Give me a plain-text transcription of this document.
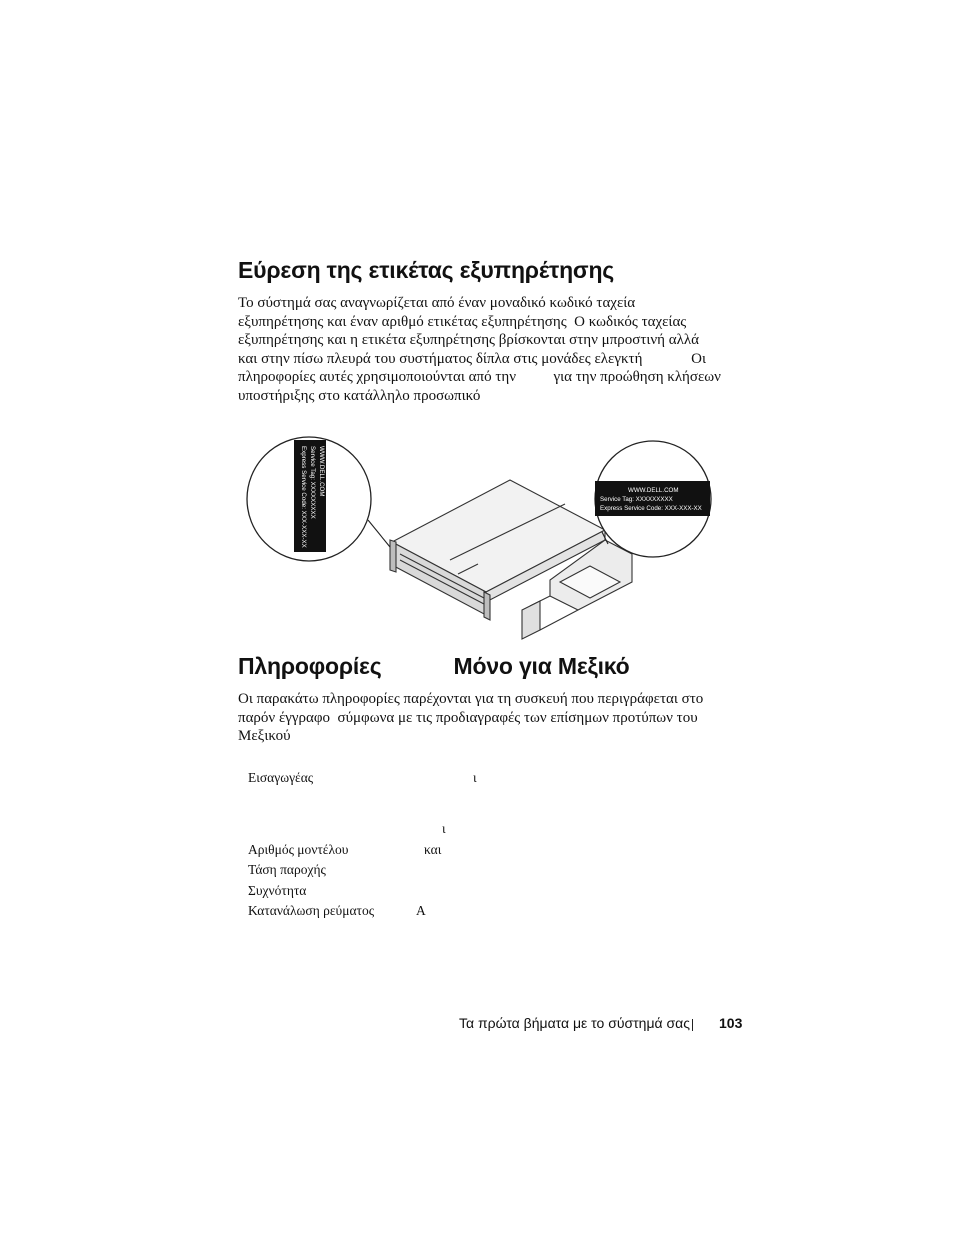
Εύρεση της ετικέτας εξυπηρέτησης
Το σύστημά σας αναγνωρίζεται από έναν μοναδικό κωδικό ταχεία
εξυπηρέτησης και έναν αριθμό ετικέτας εξυπηρέτησης  Ο κωδικός ταχείας
εξυπηρέτησης και η ετικέτα εξυπηρέτησης βρίσκονται στην μπροστινή αλλά
και στην πίσω πλευρά του συστήματος δίπλα στις μονάδες ελεγκτή             Οι
πληροφορίες αυτές χρησιμοποιούνται από την          για την προώθηση κλήσεων
υποστήριξης στο κατάλληλο προσωπικό
WWW.DELL.COM
Service Tag: XXXXXXXXX
Express Service Code: XXX-XXX-XX	WWW.DELL.COM
Service Tag: XXXXXXXXX
Express Service Code: XXX-XXX-XX
Πληροφορίες	Μόνο για Μεξικό
Οι παρακάτω πληροφορίες παρέχονται για τη συσκευή που περιγράφεται στο
παρόν έγγραφο  σύμφωνα με τις προδιαγραφές των επίσημων προτύπων του
Μεξικού
Εισαγωγέας	ι
ι
Αριθμός μοντέλου	και
Τάση παροχής
Συχνότητα
Κατανάλωση ρεύματος	A
Τα πρώτα βήματα με το σύστημά σας 103
